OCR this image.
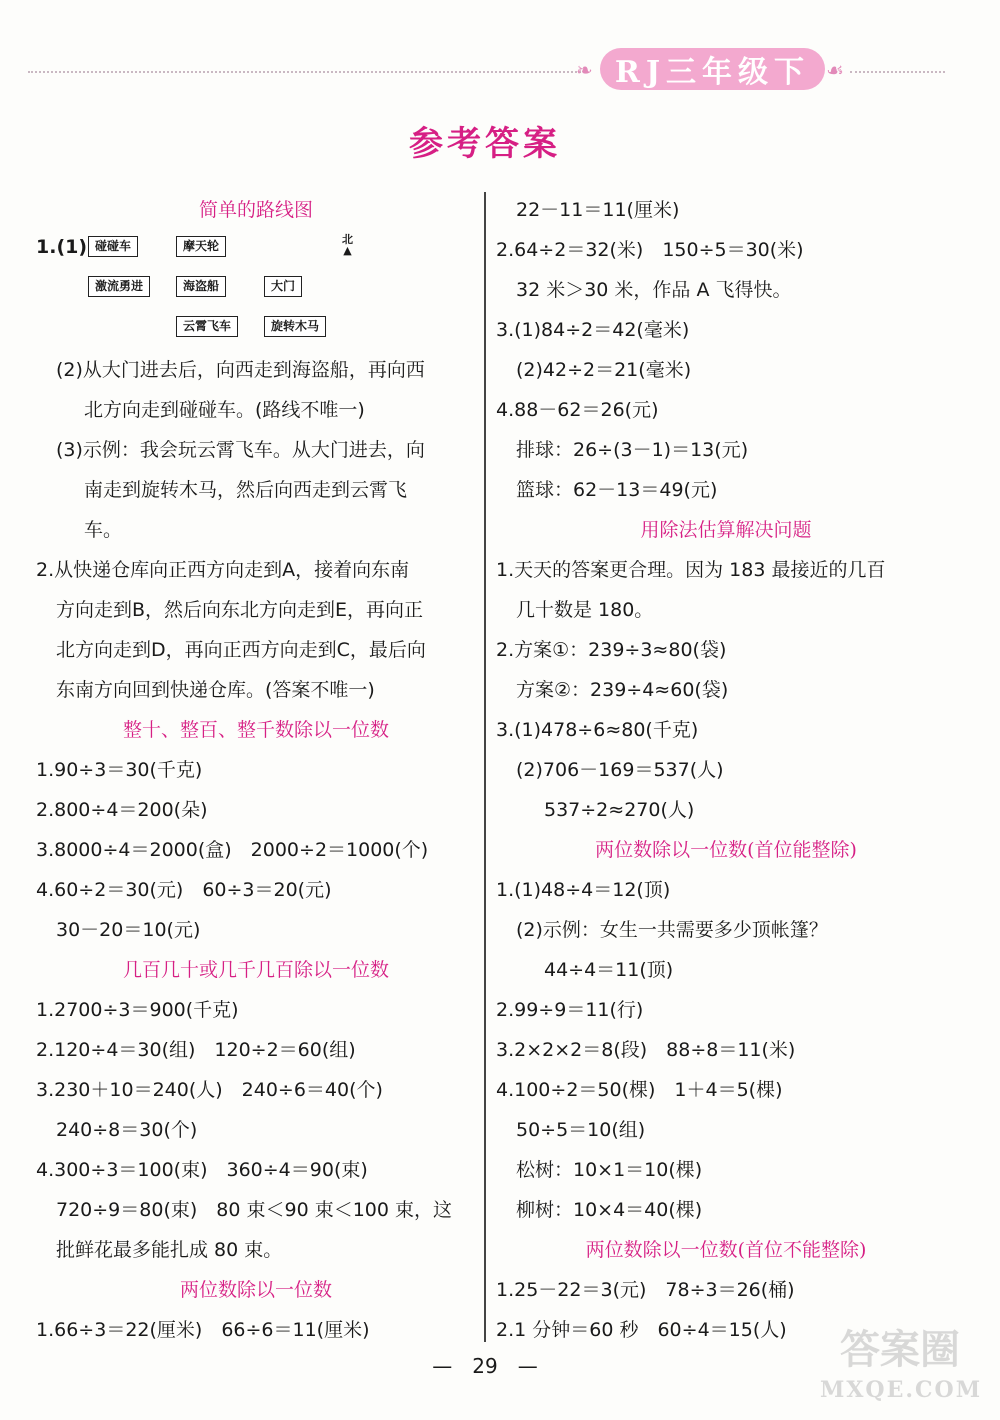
❧	☙
RJ三年级下
参考答案
简单的路线图
1.(1) 碰碰车	摩天轮	北
▲
激流勇进	海盗船	大门
云霄飞车	旋转木马
(2)从大门进去后，向西走到海盗船，再向西
北方向走到碰碰车。(路线不唯一)
(3)示例：我会玩云霄飞车。从大门进去，向
南走到旋转木马，然后向西走到云霄飞
车。
2.从快递仓库向正西方向走到A，接着向东南
方向走到B，然后向东北方向走到E，再向正
北方向走到D，再向正西方向走到C，最后向
东南方向回到快递仓库。(答案不唯一)
整十、整百、整千数除以一位数
1.90÷3＝30(千克)
2.800÷4＝200(朵)
3.8000÷4＝2000(盒)　2000÷2＝1000(个)
4.60÷2＝30(元)　60÷3＝20(元)
30－20＝10(元)
几百几十或几千几百除以一位数
1.2700÷3＝900(千克)
2.120÷4＝30(组)　120÷2＝60(组)
3.230＋10＝240(人)　240÷6＝40(个)
240÷8＝30(个)
4.300÷3＝100(束)　360÷4＝90(束)
720÷9＝80(束)　80 束＜90 束＜100 束，这
批鲜花最多能扎成 80 束。
两位数除以一位数
1.66÷3＝22(厘米)　66÷6＝11(厘米)
22－11＝11(厘米)
2.64÷2＝32(米)　150÷5＝30(米)
32 米＞30 米，作品 A 飞得快。
3.(1)84÷2＝42(毫米)
(2)42÷2＝21(毫米)
4.88－62＝26(元)
排球：26÷(3－1)＝13(元)
篮球：62－13＝49(元)
用除法估算解决问题
1.天天的答案更合理。因为 183 最接近的几百
几十数是 180。
2.方案①：239÷3≈80(袋)
方案②：239÷4≈60(袋)
3.(1)478÷6≈80(千克)
(2)706－169＝537(人)
537÷2≈270(人)
两位数除以一位数(首位能整除)
1.(1)48÷4＝12(顶)
(2)示例：女生一共需要多少顶帐篷？
44÷4＝11(顶)
2.99÷9＝11(行)
3.2×2×2＝8(段)　88÷8＝11(米)
4.100÷2＝50(棵)　1＋4＝5(棵)
50÷5＝10(组)
松树：10×1＝10(棵)
柳树：10×4＝40(棵)
两位数除以一位数(首位不能整除)
1.25－22＝3(元)　78÷3＝26(桶)
2.1 分钟＝60 秒　60÷4＝15(人)
—　29　—	答案圈
MXQE.COM
